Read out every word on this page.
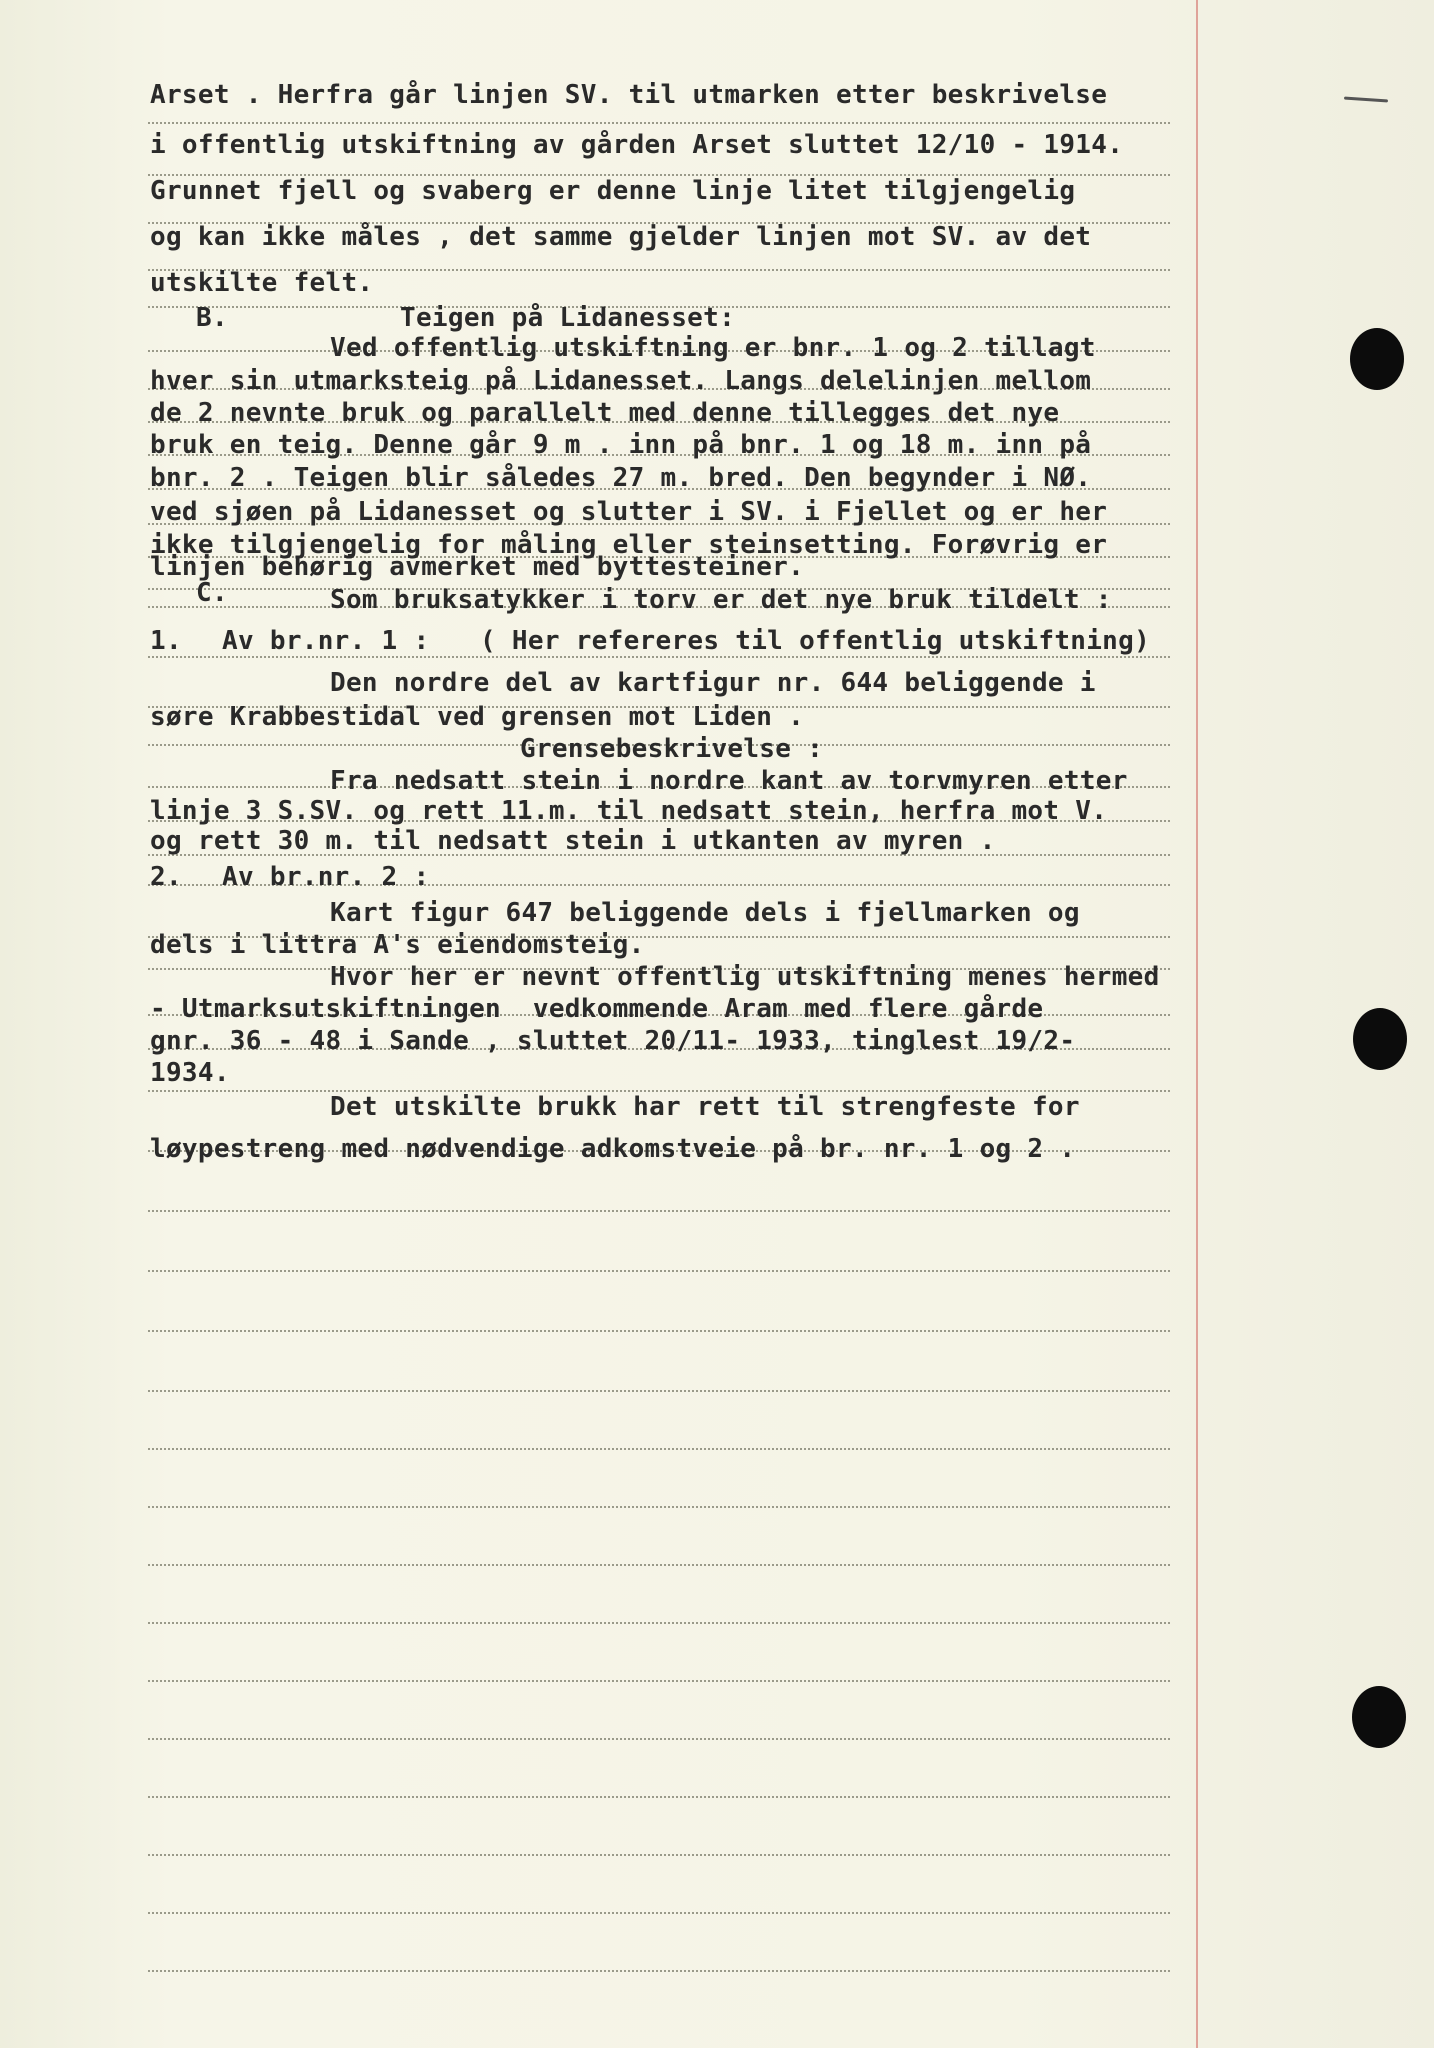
Arset . Herfra går linjen SV. til utmarken etter beskrivelse
i offentlig utskiftning av gården Arset sluttet 12/10 - 1914.
Grunnet fjell og svaberg er denne linje litet tilgjengelig
og kan ikke måles , det samme gjelder linjen mot SV. av det
utskilte felt.
B.	Teigen på Lidanesset:
Ved offentlig utskiftning er bnr. 1 og 2 tillagt
hver sin utmarksteig på Lidanesset. Langs delelinjen mellom
de 2 nevnte bruk og parallelt med denne tillegges det nye
bruk en teig. Denne går 9 m . inn på bnr. 1 og 18 m. inn på
bnr. 2 . Teigen blir således 27 m. bred. Den begynder i NØ.
ved sjøen på Lidanesset og slutter i SV. i Fjellet og er her
ikke tilgjengelig for måling eller steinsetting. Forøvrig er
linjen behørig avmerket med byttesteiner.
C.	Som bruksatykker i torv er det nye bruk tildelt :
1. Av br.nr. 1 : ( Her refereres til offentlig utskiftning)
Den nordre del av kartfigur nr. 644 beliggende i
søre Krabbestidal ved grensen mot Liden .
Grensebeskrivelse :
Fra nedsatt stein i nordre kant av torvmyren etter
linje 3 S.SV. og rett 11.m. til nedsatt stein, herfra mot V.
og rett 30 m. til nedsatt stein i utkanten av myren .
2. Av br.nr. 2 :
Kart figur 647 beliggende dels i fjellmarken og
dels i littra A's eiendomsteig.
Hvor her er nevnt offentlig utskiftning menes hermed
- Utmarksutskiftningen  vedkommende Aram med flere gårde
gnr. 36 - 48 i Sande , sluttet 20/11- 1933, tinglest 19/2-
1934.
Det utskilte brukk har rett til strengfeste for
løypestreng med nødvendige adkomstveie på br. nr. 1 og 2 .
